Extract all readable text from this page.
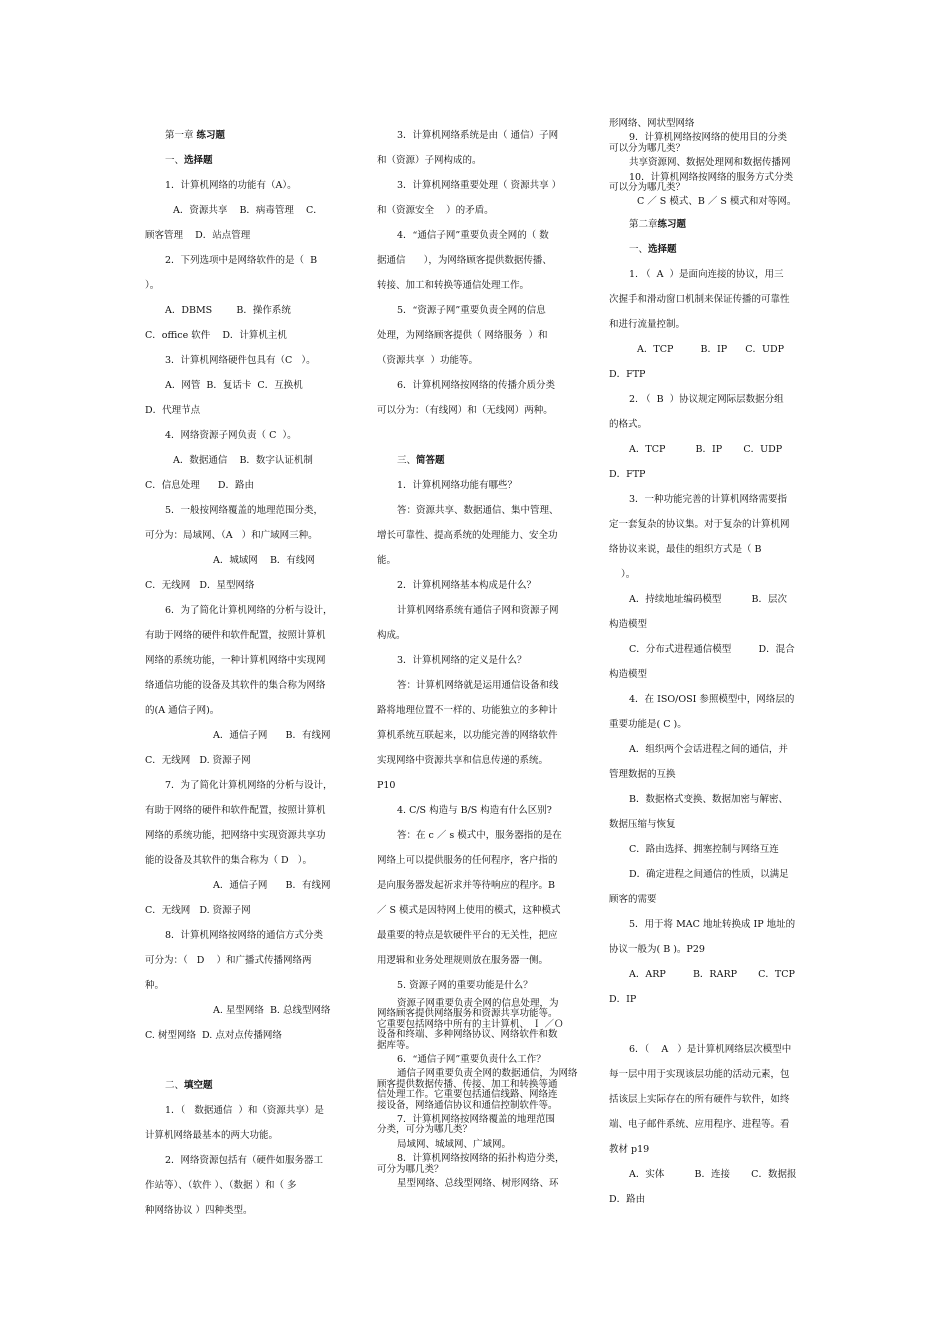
第一章 练习题
一、选择题
1．计算机网络的功能有（A）。
A．资源共享    B．病毒管理    C．
顾客管理    D．站点管理
2．下列选项中是网络软件的是（  B
）。
A．DBMS        B．操作系统
C．office 软件    D．计算机主机
3．计算机网络硬件包具有（C   ）。
A．网管  B．复话卡  C．互换机
D．代理节点
4．网络资源子网负责（ C  ）。
A．数据通信    B．数字认证机制
C．信息处理      D．路由
5．一般按网络覆盖的地理范围分类，
可分为：局域网、（A   ）和广域网三种。
A．城域网    B．有线网
C．无线网   D．星型网络
6．为了简化计算机网络的分析与设计，
有助于网络的硬件和软件配置，按照计算机
网络的系统功能，一种计算机网络中实现网
络通信功能的设备及其软件的集合称为网络
的(A 通信子网)。
A．通信子网      B．有线网
C．无线网   D. 资源子网
7．为了简化计算机网络的分析与设计，
有助于网络的硬件和软件配置，按照计算机
网络的系统功能，把网络中实现资源共享功
能的设备及其软件的集合称为（ D   ）。
A．通信子网      B．有线网
C．无线网   D. 资源子网
8．计算机网络按网络的通信方式分类
可分为：（   D    ）和广播式传播网络两
种。
A. 星型网络  B. 总线型网络
C. 树型网络  D. 点对点传播网络

二、填空题
1．（   数据通信  ）和（资源共享）是
计算机网络最基本的两大功能。
2．网络资源包括有（硬件如服务器工
作站等）、（软件 ）、（数据 ）和（ 多
种网络协议 ）四种类型。
3．计算机网络系统是由（ 通信）子网
和（资源）子网构成的。
3．计算机网络重要处理（ 资源共享 ）
和（资源安全    ）的矛盾。
4．“通信子网”重要负责全网的（ 数
据通信      ），为网络顾客提供数据传播、
转接、加工和转换等通信处理工作。
5．“资源子网”重要负责全网的信息
处理，为网络顾客提供（ 网络服务  ）和
（资源共享  ）功能等。
6．计算机网络按网络的传播介质分类
可以分为：（有线网）和（无线网）两种。

三、简答题
1．计算机网络功能有哪些？
答：资源共享、数据通信、集中管理、
增长可靠性、提高系统的处理能力、安全功
能。
2．计算机网络基本构成是什么？
计算机网络系统有通信子网和资源子网
构成。
3．计算机网络的定义是什么？
答：计算机网络就是运用通信设备和线
路将地理位置不一样的、功能独立的多种计
算机系统互联起来，以功能完善的网络软件
实现网络中资源共享和信息传递的系统。
P10
4. C/S 构造与 B/S 构造有什么区别?
答：在 c ／ s 模式中，服务器指的是在
网络上可以提供服务的任何程序，客户指的
是向服务器发起祈求并等待响应的程序。B
／ S 模式是因特网上使用的模式，这种模式
最重要的特点是软硬件平台的无关性，把应
用逻辑和业务处理规则放在服务器一侧。
5. 资源子网的重要功能是什么？
资源子网重要负责全网的信息处理，为
网络顾客提供网络服务和资源共享功能等。
它重要包括网络中所有的主计算机、 Ｉ ／Ｏ
设备和终端、多种网络协议、网络软件和数
据库等。
6．“通信子网”重要负责什么工作？
通信子网重要负责全网的数据通信，为网络
顾客提供数据传播、传接、加工和转换等通
信处理工作。它重要包括通信线路、网络连
接设备，网络通信协议和通信控制软件等。
7．计算机网络按网络覆盖的地理范围
分类，可分为哪几类？
局域网、城域网、广域网。
8．计算机网络按网络的拓扑构造分类，
可分为哪几类？
星型网络、总线型网络、树形网络、环
形网络、网状型网络
9．计算机网络按网络的使用目的分类
可以分为哪几类？
共享资源网、数据处理网和数据传播网
10．计算机网络按网络的服务方式分类
可以分为哪几类？
C ／ S 模式、B ／ S 模式和对等网。
第二章练习题
一、选择题
1. （  A  ）是面向连接的协议，用三
次握手和滑动窗口机制来保证传播的可靠性
和进行流量控制。
A．TCP         B．IP      C．UDP
D．FTP
2. （  B  ）协议规定网际层数据分组
的格式。
A．TCP          B．IP       C．UDP
D．FTP
3．一种功能完善的计算机网络需要指
定一套复杂的协议集。对于复杂的计算机网
络协议来说，最佳的组织方式是（ B
）。
A．持续地址编码模型          B．层次
构造模型
C．分布式进程通信模型         D．混合
构造模型
4．在 ISO/OSI 参照模型中，网络层的
重要功能是( C )。
A．组织两个会话进程之间的通信，并
管理数据的互换
B．数据格式变换、数据加密与解密、
数据压缩与恢复
C．路由选择、拥塞控制与网络互连
D．确定进程之间通信的性质，以满足
顾客的需要
5．用于将 MAC 地址转换成 IP 地址的
协议一般为( B )。P29
A．ARP         B．RARP       C．TCP
D．IP

6．（    A   ）是计算机网络层次模型中
每一层中用于实现该层功能的活动元素，包
括该层上实际存在的所有硬件与软件，如终
端、电子邮件系统、应用程序、进程等。看
教材 p19
A．实体          B．连接       C．数据报
D．路由
